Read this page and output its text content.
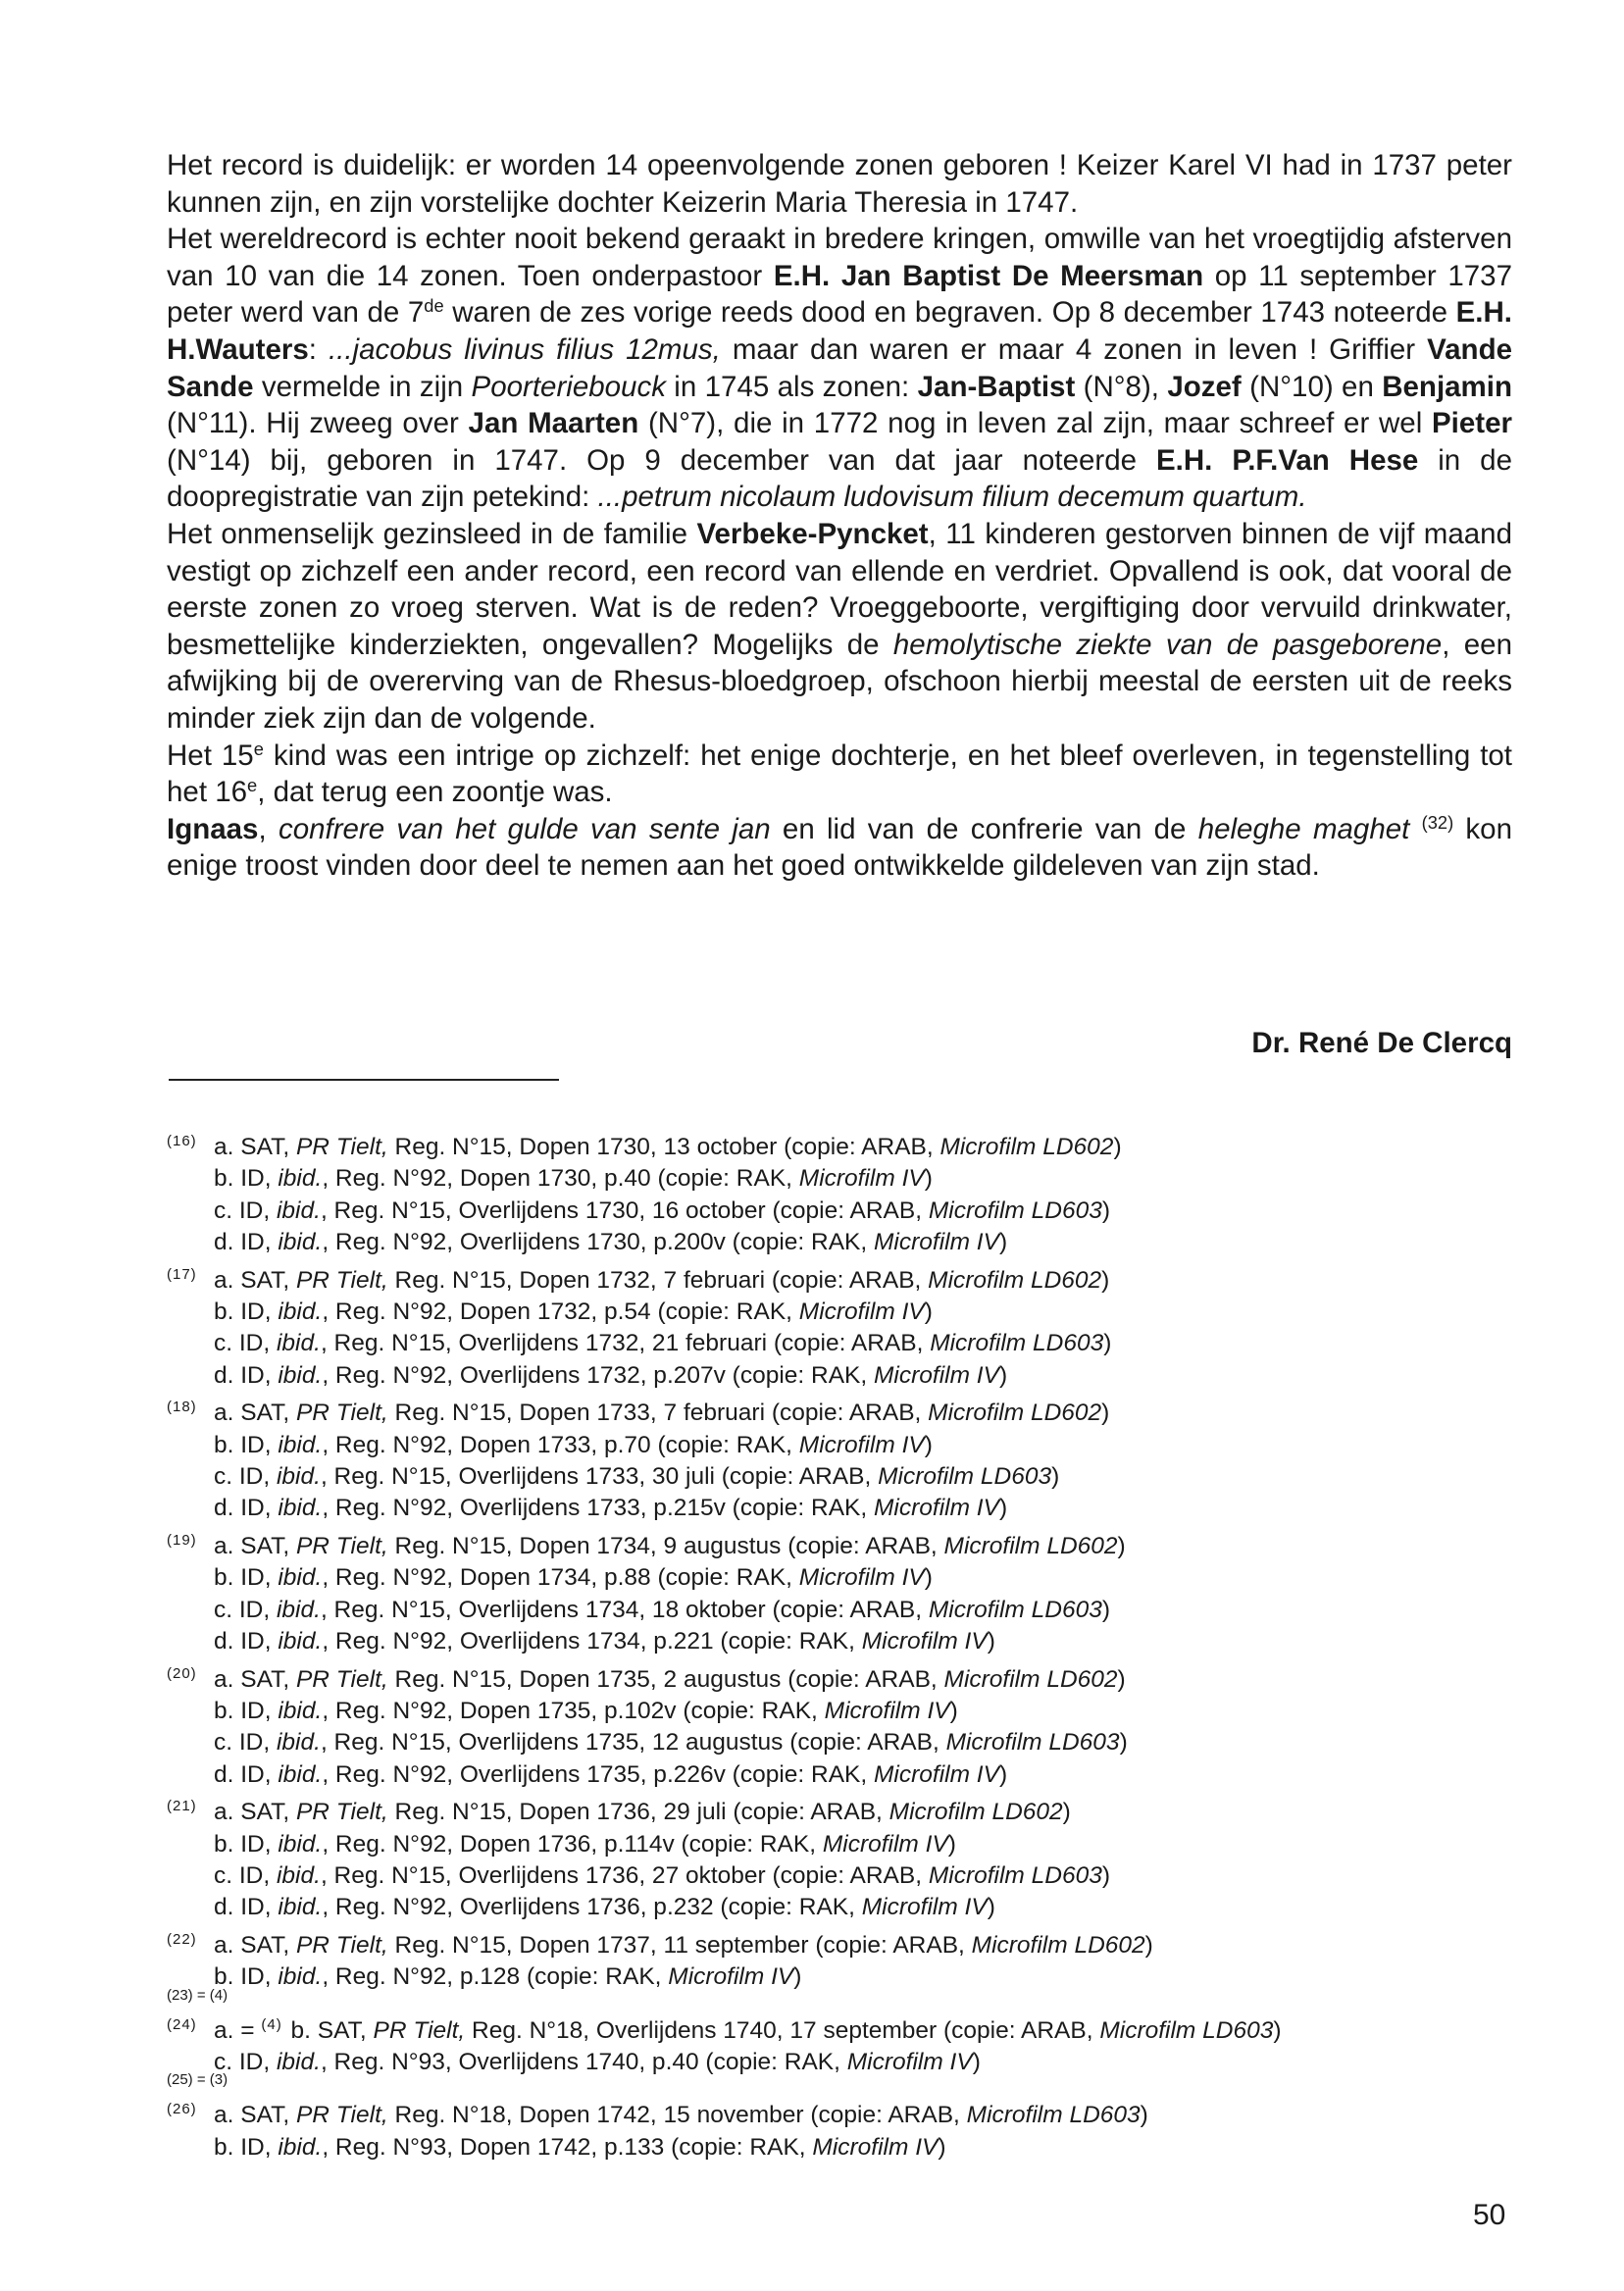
Het record is duidelijk: er worden 14 opeenvolgende zonen geboren ! Keizer Karel VI had in 1737 peter kunnen zijn, en zijn vorstelijke dochter Keizerin Maria Theresia in 1747.

Het wereldrecord is echter nooit bekend geraakt in bredere kringen, omwille van het vroegtijdig afsterven van 10 van die 14 zonen. Toen onderpastoor E.H. Jan Baptist De Meersman op 11 september 1737 peter werd van de 7de waren de zes vorige reeds dood en begraven. Op 8 december 1743 noteerde E.H. H.Wauters: ...jacobus livinus filius 12mus, maar dan waren er maar 4 zonen in leven ! Griffier Vande Sande vermelde in zijn Poorteriebouck in 1745 als zonen: Jan-Baptist (N°8), Jozef (N°10) en Benjamin (N°11). Hij zweeg over Jan Maarten (N°7), die in 1772 nog in leven zal zijn, maar schreef er wel Pieter (N°14) bij, geboren in 1747. Op 9 december van dat jaar noteerde E.H. P.F.Van Hese in de doopregistratie van zijn petekind: ...petrum nicolaum ludovisum filium decemum quartum.

Het onmenselijk gezinsleed in de familie Verbeke-Pyncket, 11 kinderen gestorven binnen de vijf maand vestigt op zichzelf een ander record, een record van ellende en verdriet. Opvallend is ook, dat vooral de eerste zonen zo vroeg sterven. Wat is de reden? Vroeggeboorte, vergiftiging door vervuild drinkwater, besmettelijke kinderziekten, ongevallen? Mogelijks de hemolytische ziekte van de pasgeborene, een afwijking bij de overerving van de Rhesus-bloedgroep, ofschoon hierbij meestal de eersten uit de reeks minder ziek zijn dan de volgende.

Het 15e kind was een intrige op zichzelf: het enige dochterje, en het bleef overleven, in tegenstelling tot het 16e, dat terug een zoontje was.

Ignaas, confrere van het gulde van sente jan en lid van de confrerie van de heleghe maghet $^{(32)}$ kon enige troost vinden door deel te nemen aan het goed ontwikkelde gildeleven van zijn stad.

Dr. René De Clercq
(16) a. SAT, PR Tielt, Reg. N°15, Dopen 1730, 13 october (copie: ARAB, Microfilm LD602)
b. ID, ibid., Reg. N°92, Dopen 1730, p.40 (copie: RAK, Microfilm IV)
c. ID, ibid., Reg. N°15, Overlijdens 1730, 16 october (copie: ARAB, Microfilm LD603)
d. ID, ibid., Reg. N°92, Overlijdens 1730, p.200v (copie: RAK, Microfilm IV)
(17) a. SAT, PR Tielt, Reg. N°15, Dopen 1732, 7 februari (copie: ARAB, Microfilm LD602)
b. ID, ibid., Reg. N°92, Dopen 1732, p.54 (copie: RAK, Microfilm IV)
c. ID, ibid., Reg. N°15, Overlijdens 1732, 21 februari (copie: ARAB, Microfilm LD603)
d. ID, ibid., Reg. N°92, Overlijdens 1732, p.207v (copie: RAK, Microfilm IV)
(18) a. SAT, PR Tielt, Reg. N°15, Dopen 1733, 7 februari (copie: ARAB, Microfilm LD602)
b. ID, ibid., Reg. N°92, Dopen 1733, p.70 (copie: RAK, Microfilm IV)
c. ID, ibid., Reg. N°15, Overlijdens 1733, 30 juli (copie: ARAB, Microfilm LD603)
d. ID, ibid., Reg. N°92, Overlijdens 1733, p.215v (copie: RAK, Microfilm IV)
(19) a. SAT, PR Tielt, Reg. N°15, Dopen 1734, 9 augustus (copie: ARAB, Microfilm LD602)
b. ID, ibid., Reg. N°92, Dopen 1734, p.88 (copie: RAK, Microfilm IV)
c. ID, ibid., Reg. N°15, Overlijdens 1734, 18 oktober (copie: ARAB, Microfilm LD603)
d. ID, ibid., Reg. N°92, Overlijdens 1734, p.221 (copie: RAK, Microfilm IV)
(20) a. SAT, PR Tielt, Reg. N°15, Dopen 1735, 2 augustus (copie: ARAB, Microfilm LD602)
b. ID, ibid., Reg. N°92, Dopen 1735, p.102v (copie: RAK, Microfilm IV)
c. ID, ibid., Reg. N°15, Overlijdens 1735, 12 augustus (copie: ARAB, Microfilm LD603)
d. ID, ibid., Reg. N°92, Overlijdens 1735, p.226v (copie: RAK, Microfilm IV)
(21) a. SAT, PR Tielt, Reg. N°15, Dopen 1736, 29 juli (copie: ARAB, Microfilm LD602)
b. ID, ibid., Reg. N°92, Dopen 1736, p.114v (copie: RAK, Microfilm IV)
c. ID, ibid., Reg. N°15, Overlijdens 1736, 27 oktober (copie: ARAB, Microfilm LD603)
d. ID, ibid., Reg. N°92, Overlijdens 1736, p.232 (copie: RAK, Microfilm IV)
(22) a. SAT, PR Tielt, Reg. N°15, Dopen 1737, 11 september (copie: ARAB, Microfilm LD602)
b. ID, ibid., Reg. N°92, p.128 (copie: RAK, Microfilm IV)
(23) = (4)
(24) a. = (4) b. SAT, PR Tielt, Reg. N°18, Overlijdens 1740, 17 september (copie: ARAB, Microfilm LD603)
c. ID, ibid., Reg. N°93, Overlijdens 1740, p.40 (copie: RAK, Microfilm IV)
(25) = (3)
(26) a. SAT, PR Tielt, Reg. N°18, Dopen 1742, 15 november (copie: ARAB, Microfilm LD603)
b. ID, ibid., Reg. N°93, Dopen 1742, p.133 (copie: RAK, Microfilm IV)
50
